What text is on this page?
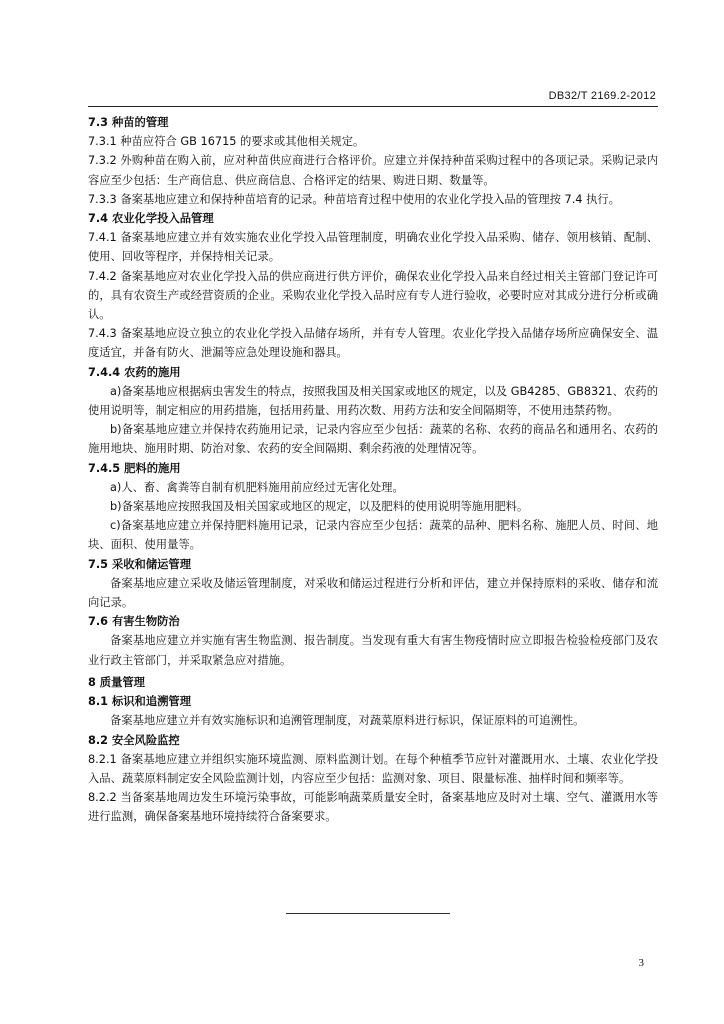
DB32/T 2169.2-2012

7.3 种苗的管理

7.3.1 种苗应符合 GB 16715 的要求或其他相关规定。

7.3.2 外购种苗在购入前，应对种苗供应商进行合格评价。应建立并保持种苗采购过程中的各项记录。采购记录内容应至少包括：生产商信息、供应商信息、合格评定的结果、购进日期、数量等。

7.3.3 备案基地应建立和保持种苗培育的记录。种苗培育过程中使用的农业化学投入品的管理按 7.4 执行。

7.4 农业化学投入品管理

7.4.1 备案基地应建立并有效实施农业化学投入品管理制度，明确农业化学投入品采购、储存、领用核销、配制、使用、回收等程序，并保持相关记录。

7.4.2 备案基地应对农业化学投入品的供应商进行供方评价，确保农业化学投入品来自经过相关主管部门登记许可的，具有农资生产或经营资质的企业。采购农业化学投入品时应有专人进行验收，必要时应对其成分进行分析或确认。

7.4.3 备案基地应设立独立的农业化学投入品储存场所，并有专人管理。农业化学投入品储存场所应确保安全、温度适宜，并备有防火、泄漏等应急处理设施和器具。

7.4.4 农药的施用

a)备案基地应根据病虫害发生的特点，按照我国及相关国家或地区的规定，以及 GB4285、GB8321、农药的使用说明等，制定相应的用药措施，包括用药量、用药次数、用药方法和安全间隔期等，不使用违禁药物。

b)备案基地应建立并保持农药施用记录，记录内容应至少包括：蔬菜的名称、农药的商品名和通用名、农药的施用地块、施用时期、防治对象、农药的安全间隔期、剩余药液的处理情况等。

7.4.5 肥料的施用

a)人、畜、禽粪等自制有机肥料施用前应经过无害化处理。

b)备案基地应按照我国及相关国家或地区的规定，以及肥料的使用说明等施用肥料。

c)备案基地应建立并保持肥料施用记录，记录内容应至少包括：蔬菜的品种、肥料名称、施肥人员、时间、地块、面积、使用量等。

7.5 采收和储运管理

备案基地应建立采收及储运管理制度，对采收和储运过程进行分析和评估，建立并保持原料的采收、储存和流向记录。

7.6 有害生物防治

备案基地应建立并实施有害生物监测、报告制度。当发现有重大有害生物疫情时应立即报告检验检疫部门及农业行政主管部门，并采取紧急应对措施。

8 质量管理

8.1 标识和追溯管理

备案基地应建立并有效实施标识和追溯管理制度，对蔬菜原料进行标识，保证原料的可追溯性。

8.2 安全风险监控

8.2.1 备案基地应建立并组织实施环境监测、原料监测计划。在每个种植季节应针对灌溉用水、土壤、农业化学投入品、蔬菜原料制定安全风险监测计划，内容应至少包括：监测对象、项目、限量标准、抽样时间和频率等。

8.2.2 当备案基地周边发生环境污染事故，可能影响蔬菜质量安全时，备案基地应及时对土壤、空气、灌溉用水等进行监测，确保备案基地环境持续符合备案要求。

3
